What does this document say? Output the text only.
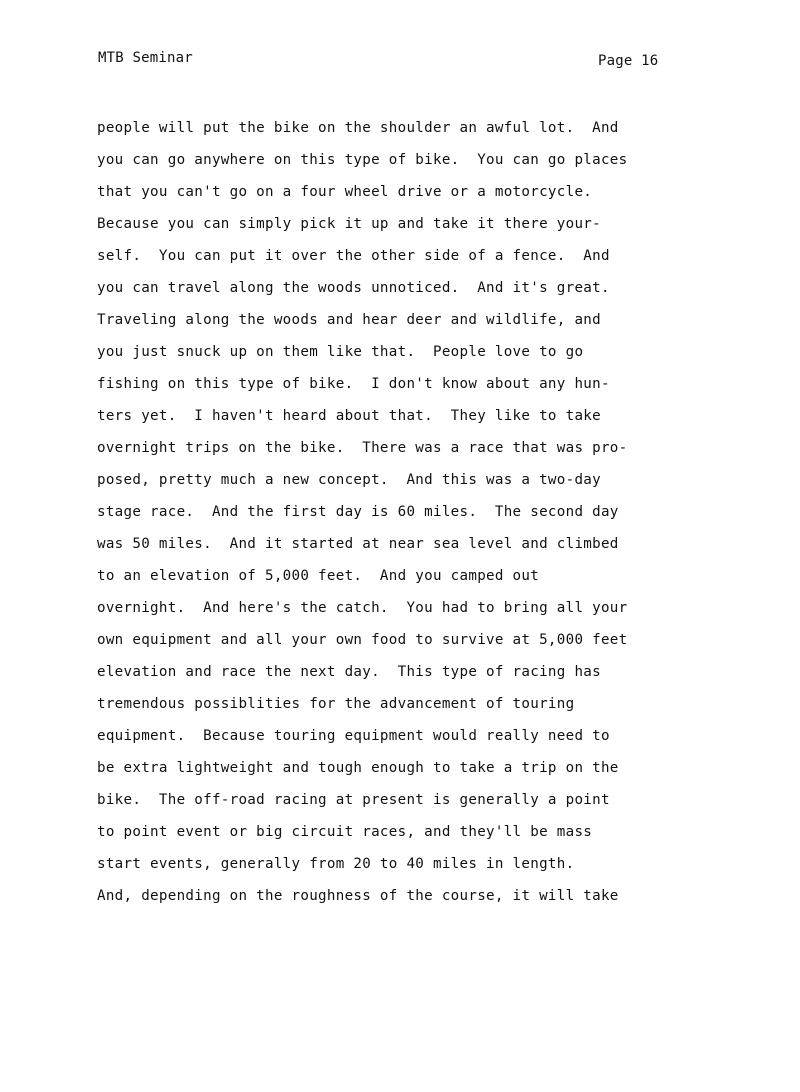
MTB Seminar	Page 16
people will put the bike on the shoulder an awful lot.  And
you can go anywhere on this type of bike.  You can go places
that you can't go on a four wheel drive or a motorcycle.
Because you can simply pick it up and take it there your-
self.  You can put it over the other side of a fence.  And
you can travel along the woods unnoticed.  And it's great.
Traveling along the woods and hear deer and wildlife, and
you just snuck up on them like that.  People love to go
fishing on this type of bike.  I don't know about any hun-
ters yet.  I haven't heard about that.  They like to take
overnight trips on the bike.  There was a race that was pro-
posed, pretty much a new concept.  And this was a two-day
stage race.  And the first day is 60 miles.  The second day
was 50 miles.  And it started at near sea level and climbed
to an elevation of 5,000 feet.  And you camped out
overnight.  And here's the catch.  You had to bring all your
own equipment and all your own food to survive at 5,000 feet
elevation and race the next day.  This type of racing has
tremendous possiblities for the advancement of touring
equipment.  Because touring equipment would really need to
be extra lightweight and tough enough to take a trip on the
bike.  The off-road racing at present is generally a point
to point event or big circuit races, and they'll be mass
start events, generally from 20 to 40 miles in length.
And, depending on the roughness of the course, it will take
